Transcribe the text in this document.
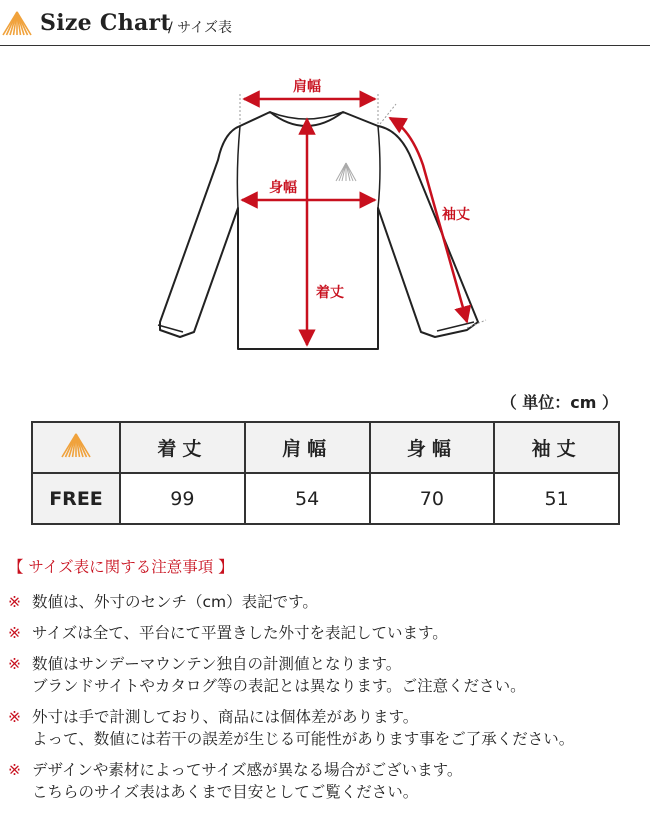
Size Chart
/ サイズ表
肩幅
身幅
着丈
袖丈
（ 単位：cm ）
	着丈	肩幅	身幅	袖丈
FREE	99	54	70	51
【 サイズ表に関する注意事項 】
※ 数値は、外寸のセンチ（cm）表記です。
※ サイズは全て、平台にて平置きした外寸を表記しています。
※ 数値はサンデーマウンテン独自の計測値となります。
ブランドサイトやカタログ等の表記とは異なります。ご注意ください。
※ 外寸は手で計測しており、商品には個体差があります。
よって、数値には若干の誤差が生じる可能性があります事をご了承ください。
※ デザインや素材によってサイズ感が異なる場合がございます。
こちらのサイズ表はあくまで目安としてご覧ください。
